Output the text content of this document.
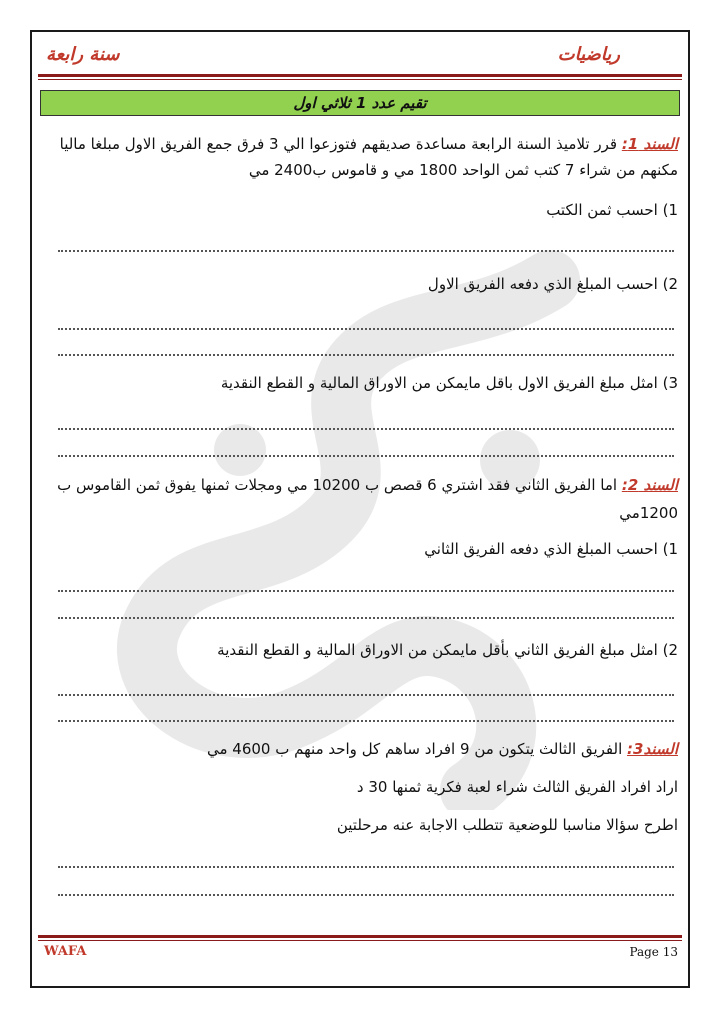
سنة رابعة	رياضيات
تقيم عدد 1 ثلاثي اول
السند 1: قرر تلاميذ السنة الرابعة مساعدة صديقهم فتوزعوا الي 3 فرق جمع الفريق الاول مبلغا ماليا
مكنهم من شراء 7 كتب ثمن الواحد 1800 مي و قاموس ب2400 مي
1) احسب ثمن الكتب
2) احسب المبلغ الذي دفعه الفريق الاول
3) امثل مبلغ الفريق الاول باقل مايمكن من الاوراق المالية و القطع النقدية
السند 2: اما الفريق الثاني فقد اشتري 6 قصص ب 10200 مي ومجلات ثمنها يفوق ثمن القاموس ب
1200مي
1) احسب المبلغ الذي دفعه الفريق الثاني
2) امثل مبلغ الفريق الثاني بأقل مايمكن من الاوراق المالية و القطع النقدية
السند3: الفريق الثالث يتكون من 9 افراد ساهم كل واحد منهم ب 4600 مي
اراد افراد الفريق الثالث شراء لعبة فكرية ثمنها 30 د
اطرح سؤالا مناسبا للوضعية تتطلب الاجابة عنه مرحلتين
WAFA	Page 13
